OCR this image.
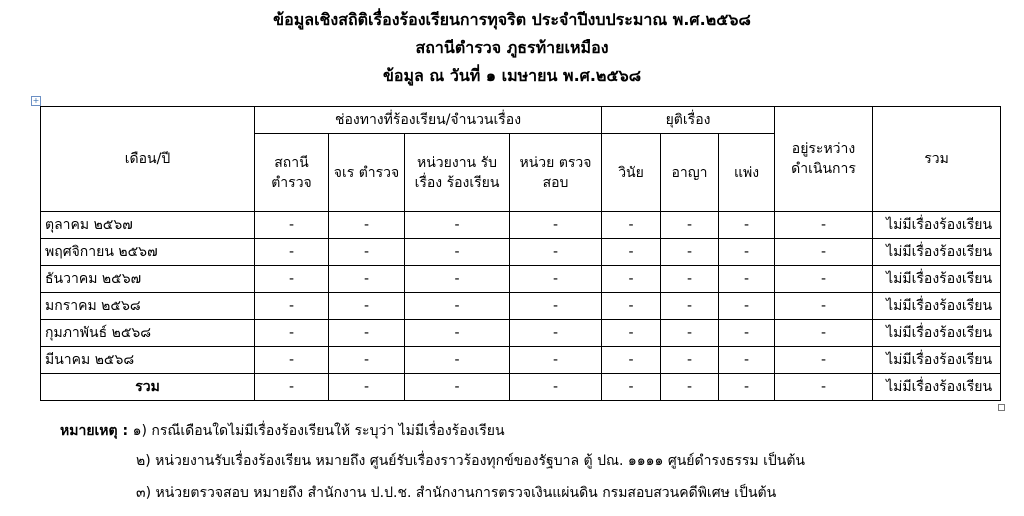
ข้อมูลเชิงสถิติเรื่องร้องเรียนการทุจริต ประจำปีงบประมาณ พ.ศ.๒๕๖๘
สถานีตำรวจ ภูธรท้ายเหมือง
ข้อมูล ณ วันที่ ๑ เมษายน พ.ศ.๒๕๖๘
+
เดือน/ปี	ช่องทางที่ร้องเรียน/จำนวนเรื่อง				ยุติเรื่อง			อยู่ระหว่าง ดำเนินการ	รวม
	สถานี ตำรวจ	จเร ตำรวจ	หน่วยงาน รับเรื่อง ร้องเรียน	หน่วย ตรวจสอบ	วินัย	อาญา	แพ่ง		
ตุลาคม ๒๕๖๗	-	-	-	-	-	-	-	-	ไม่มีเรื่องร้องเรียน
พฤศจิกายน ๒๕๖๗	-	-	-	-	-	-	-	-	ไม่มีเรื่องร้องเรียน
ธันวาคม ๒๕๖๗	-	-	-	-	-	-	-	-	ไม่มีเรื่องร้องเรียน
มกราคม ๒๕๖๘	-	-	-	-	-	-	-	-	ไม่มีเรื่องร้องเรียน
กุมภาพันธ์ ๒๕๖๘	-	-	-	-	-	-	-	-	ไม่มีเรื่องร้องเรียน
มีนาคม ๒๕๖๘	-	-	-	-	-	-	-	-	ไม่มีเรื่องร้องเรียน
รวม	-	-	-	-	-	-	-	-	ไม่มีเรื่องร้องเรียน
หมายเหตุ : ๑) กรณีเดือนใดไม่มีเรื่องร้องเรียนให้ ระบุว่า ไม่มีเรื่องร้องเรียน
๒) หน่วยงานรับเรื่องร้องเรียน หมายถึง ศูนย์รับเรื่องราวร้องทุกข์ของรัฐบาล ตู้ ปณ. ๑๑๑๑ ศูนย์ดำรงธรรม เป็นต้น
๓) หน่วยตรวจสอบ หมายถึง สำนักงาน ป.ป.ช. สำนักงานการตรวจเงินแผ่นดิน กรมสอบสวนคดีพิเศษ เป็นต้น
